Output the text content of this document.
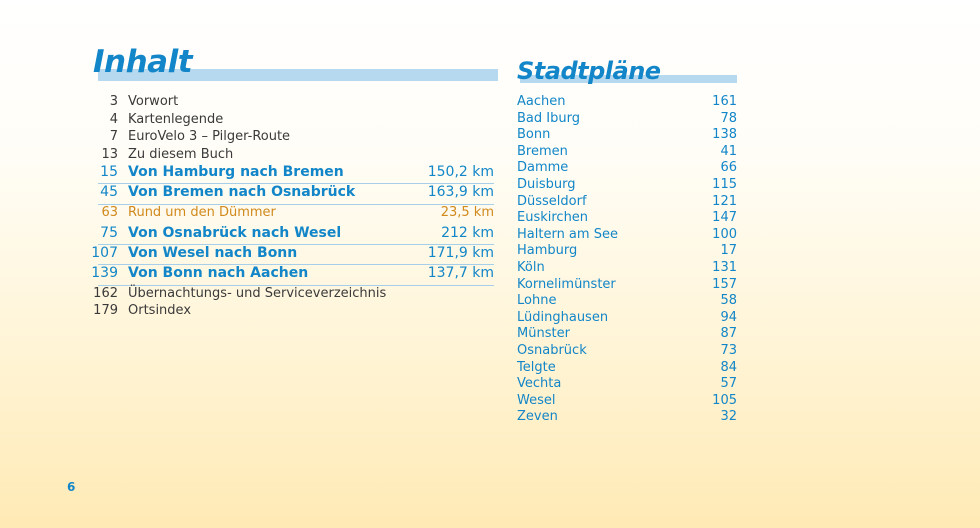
Inhalt	Stadtpläne
3 Vorwort
4 Kartenlegende
7 EuroVelo 3 – Pilger-Route
13 Zu diesem Buch
15 Von Hamburg nach Bremen	150,2 km
45 Von Bremen nach Osnabrück	163,9 km
63 Rund um den Dümmer	23,5 km
75 Von Osnabrück nach Wesel	212 km
107 Von Wesel nach Bonn	171,9 km
139 Von Bonn nach Aachen	137,7 km
162 Übernachtungs- und Serviceverzeichnis
179 Ortsindex
Aachen	161
Bad Iburg	78
Bonn	138
Bremen	41
Damme	66
Duisburg	115
Düsseldorf	121
Euskirchen	147
Haltern am See	100
Hamburg	17
Köln	131
Kornelimünster	157
Lohne	58
Lüdinghausen	94
Münster	87
Osnabrück	73
Telgte	84
Vechta	57
Wesel	105
Zeven	32
6
